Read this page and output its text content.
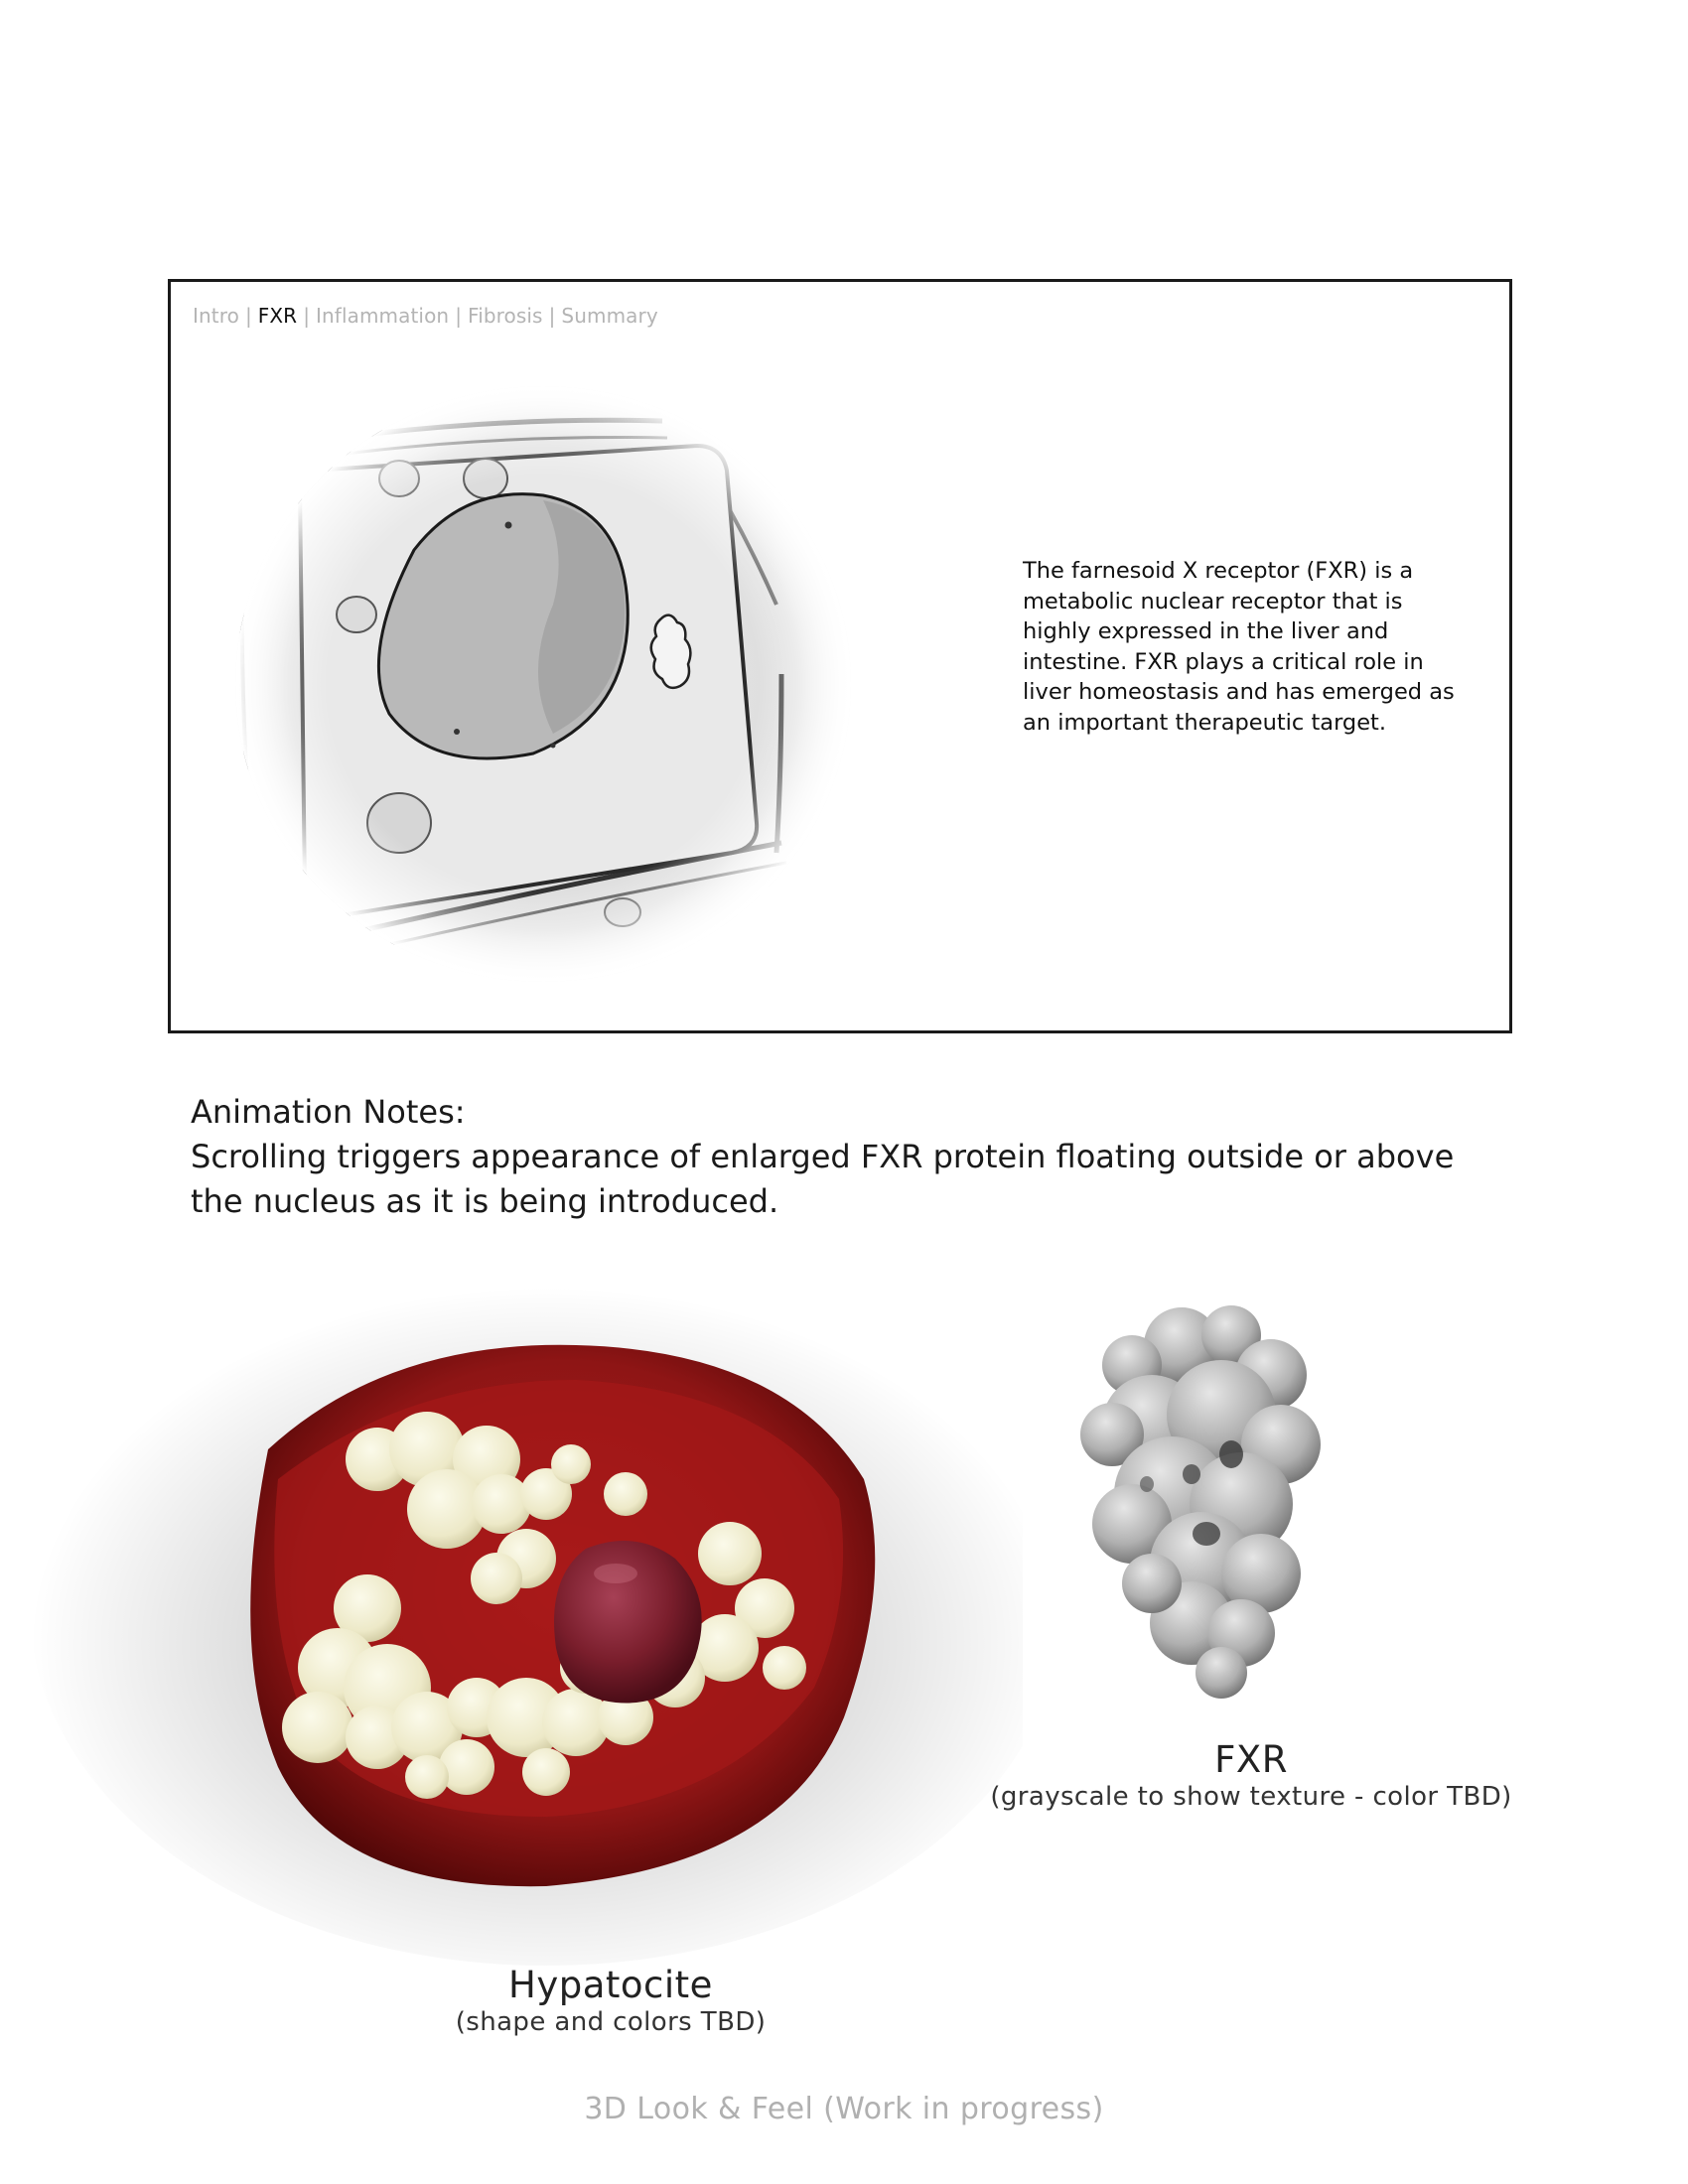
Intro | FXR | Inflammation | Fibrosis | Summary
The farnesoid X receptor (FXR) is a metabolic nuclear receptor that is highly expressed in the liver and intestine. FXR plays a critical role in liver homeostasis and has emerged as an important therapeutic target.
Animation Notes:
Scrolling triggers appearance of enlarged FXR protein floating outside or above the nucleus as it is being introduced.
Hypatocite
(shape and colors TBD)
FXR
(grayscale to show texture - color TBD)
3D Look & Feel (Work in progress)
